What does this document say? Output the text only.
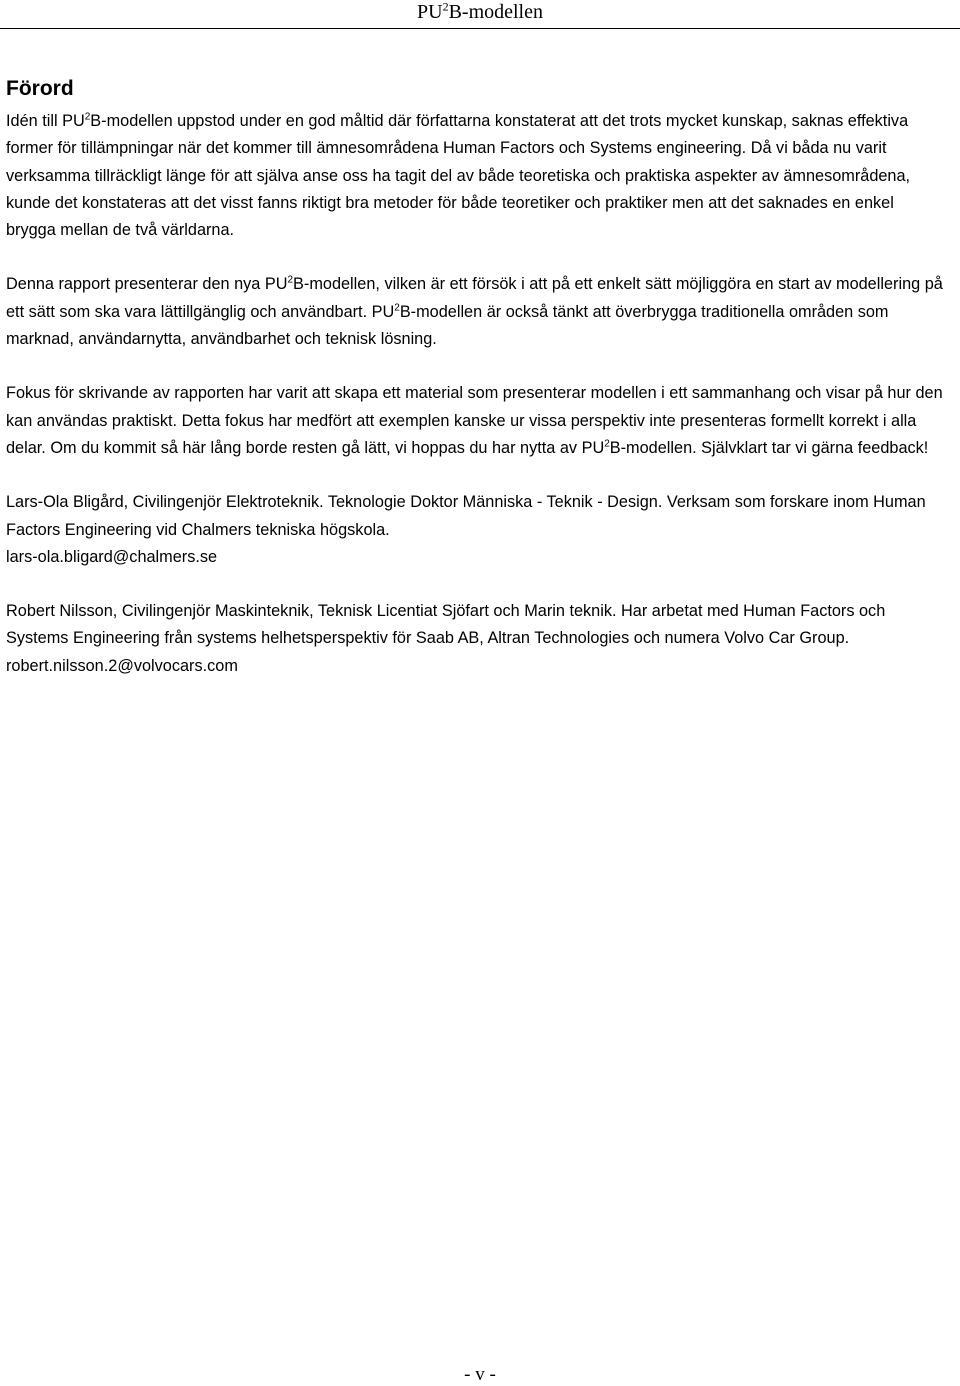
$PU^2B$-modellen
Förord

Idén till $PU^2B$-modellen uppstod under en god måltid där författarna konstaterat att det trots mycket kunskap, saknas effektiva former för tillämpningar när det kommer till ämnesområdena Human Factors och Systems engineering. Då vi båda nu varit verksamma tillräckligt länge för att själva anse oss ha tagit del av både teoretiska och praktiska aspekter av ämnesområdena, kunde det konstateras att det visst fanns riktigt bra metoder för både teoretiker och praktiker men att det saknades en enkel brygga mellan de två världarna.

Denna rapport presenterar den nya $PU^2B$-modellen, vilken är ett försök i att på ett enkelt sätt möjliggöra en start av modellering på ett sätt som ska vara lättillgänglig och användbart. $PU^2B$-modellen är också tänkt att överbrygga traditionella områden som marknad, användarnytta, användbarhet och teknisk lösning.

Fokus för skrivande av rapporten har varit att skapa ett material som presenterar modellen i ett sammanhang och visar på hur den kan användas praktiskt. Detta fokus har medfört att exemplen kanske ur vissa perspektiv inte presenteras formellt korrekt i alla delar. Om du kommit så här lång borde resten gå lätt, vi hoppas du har nytta av $PU^2B$-modellen. Självklart tar vi gärna feedback!

Lars-Ola Bligård, Civilingenjör Elektroteknik. Teknologie Doktor Människa - Teknik - Design. Verksam som forskare inom Human Factors Engineering vid Chalmers tekniska högskola.
lars-ola.bligard@chalmers.se

Robert Nilsson, Civilingenjör Maskinteknik, Teknisk Licentiat Sjöfart och Marin teknik. Har arbetat med Human Factors och Systems Engineering från systems helhetsperspektiv för Saab AB, Altran Technologies och numera Volvo Car Group.
robert.nilsson.2@volvocars.com

- v -
